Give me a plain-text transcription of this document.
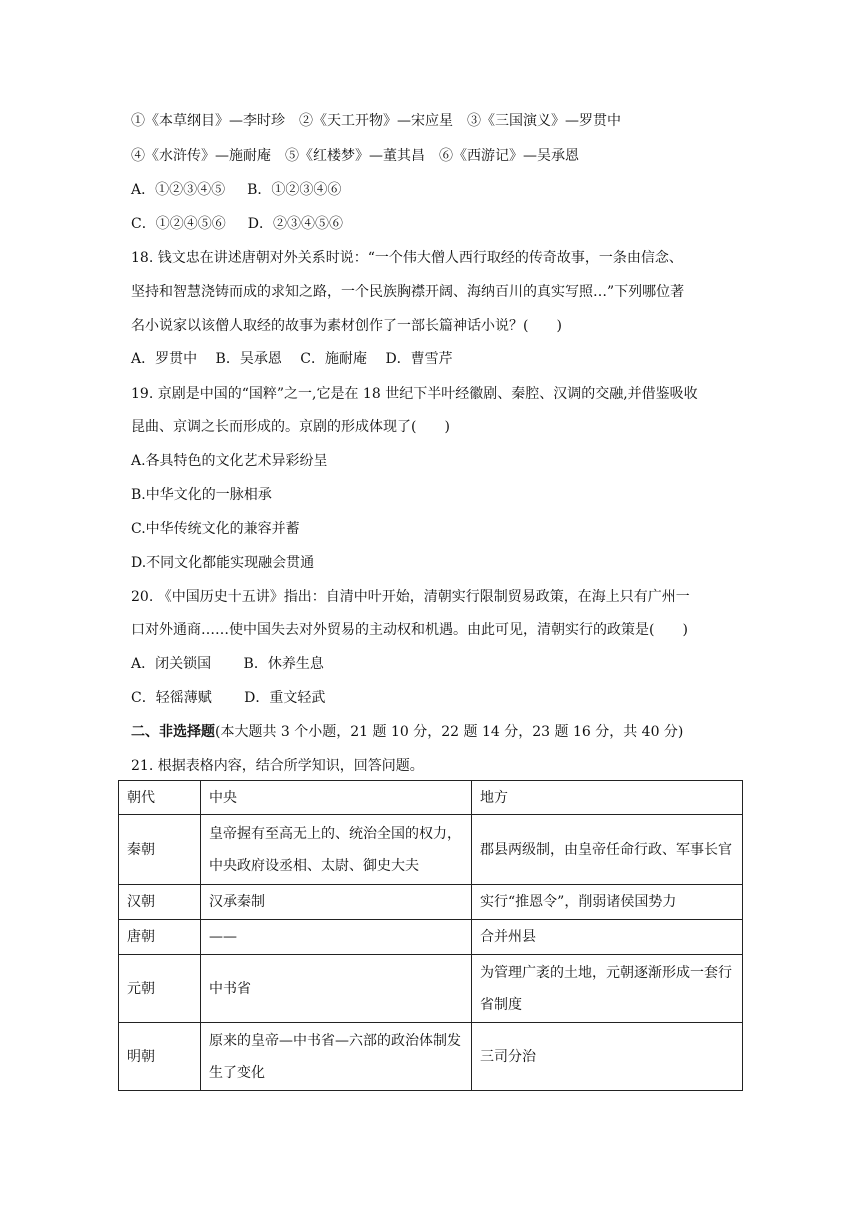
①《本草纲目》—李时珍　②《天工开物》—宋应星　③《三国演义》—罗贯中
④《水浒传》—施耐庵　⑤《红楼梦》—董其昌　⑥《西游记》—吴承恩
A．①②③④⑤ B．①②③④⑥
C．①②④⑤⑥ D．②③④⑤⑥
18. 钱文忠在讲述唐朝对外关系时说：“一个伟大僧人西行取经的传奇故事，一条由信念、
坚持和智慧浇铸而成的求知之路，一个民族胸襟开阔、海纳百川的真实写照…”下列哪位著
名小说家以该僧人取经的故事为素材创作了一部长篇神话小说？(　　)
A．罗贯中　 B．吴承恩　 C．施耐庵　 D．曹雪芹
19. 京剧是中国的“国粹”之一,它是在 18 世纪下半叶经徽剧、秦腔、汉调的交融,并借鉴吸收
昆曲、京调之长而形成的。京剧的形成体现了(　　)
A.各具特色的文化艺术异彩纷呈
B.中华文化的一脉相承
C.中华传统文化的兼容并蓄
D.不同文化都能实现融会贯通
20. 《中国历史十五讲》指出：自清中叶开始，清朝实行限制贸易政策，在海上只有广州一
口对外通商……使中国失去对外贸易的主动权和机遇。由此可见，清朝实行的政策是(　　)
A．闭关锁国　　 B．休养生息
C．轻徭薄赋　　 D．重文轻武
二、非选择题(本大题共 3 个小题，21 题 10 分，22 题 14 分，23 题 16 分，共 40 分)
21. 根据表格内容，结合所学知识，回答问题。
朝代	中央	地方
秦朝	皇帝握有至高无上的、统治全国的权力，中央政府设丞相、太尉、御史大夫	郡县两级制，由皇帝任命行政、军事长官

汉朝	汉承秦制	实行“推恩令”，削弱诸侯国势力
唐朝	——	合并州县
元朝	中书省	为管理广袤的土地，元朝逐渐形成一套行省制度

明朝	原来的皇帝—中书省—六部的政治体制发生了变化	三司分治
